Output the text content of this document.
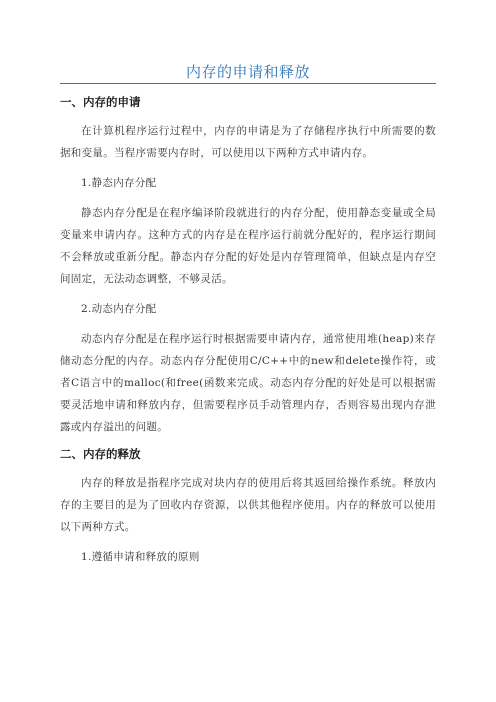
内存的申请和释放
一、内存的申请

在计算机程序运行过程中，内存的申请是为了存储程序执行中所需要的数据和变量。当程序需要内存时，可以使用以下两种方式申请内存。

1.静态内存分配

静态内存分配是在程序编译阶段就进行的内存分配，使用静态变量或全局变量来申请内存。这种方式的内存是在程序运行前就分配好的，程序运行期间不会释放或重新分配。静态内存分配的好处是内存管理简单，但缺点是内存空间固定，无法动态调整，不够灵活。

2.动态内存分配

动态内存分配是在程序运行时根据需要申请内存，通常使用堆(heap)来存储动态分配的内存。动态内存分配使用C/C++中的new和delete操作符，或者C语言中的malloc(和free(函数来完成。动态内存分配的好处是可以根据需要灵活地申请和释放内存，但需要程序员手动管理内存，否则容易出现内存泄露或内存溢出的问题。

二、内存的释放

内存的释放是指程序完成对块内存的使用后将其返回给操作系统。释放内存的主要目的是为了回收内存资源，以供其他程序使用。内存的释放可以使用以下两种方式。

1.遵循申请和释放的原则
